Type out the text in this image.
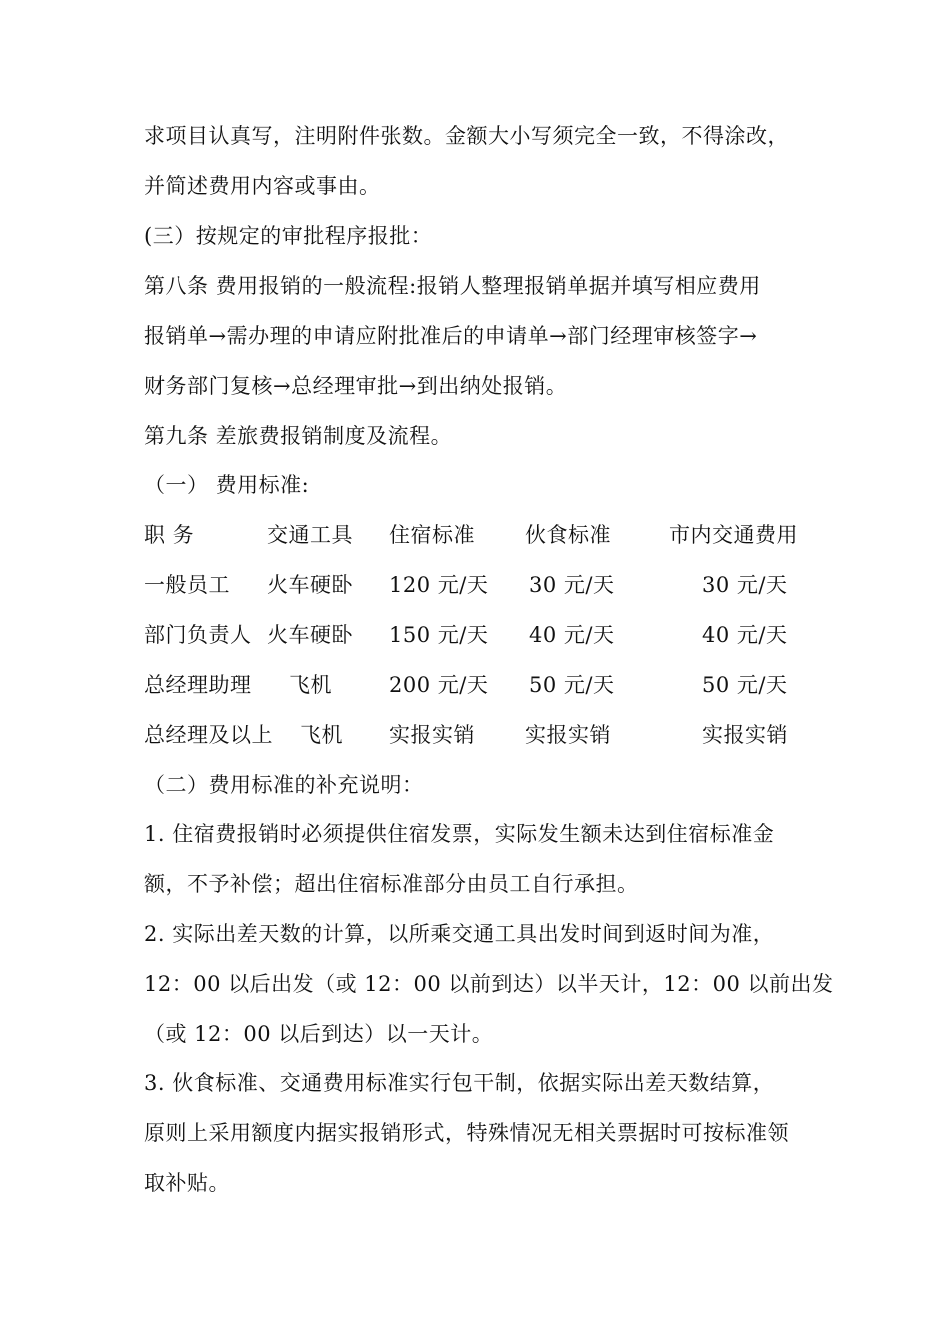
求项目认真写，注明附件张数。金额大小写须完全一致，不得涂改，
并简述费用内容或事由。
(三）按规定的审批程序报批：
第八条 费用报销的一般流程:报销人整理报销单据并填写相应费用
报销单→需办理的申请应附批准后的申请单→部门经理审核签字→
财务部门复核→总经理审批→到出纳处报销。
第九条 差旅费报销制度及流程。
（一） 费用标准:
职 务	交通工具 住宿标准 伙食标准	市内交通费用
一般员工 火车硬卧 120 元/天 30 元/天	30 元/天
部门负责人 火车硬卧 150 元/天 40 元/天	40 元/天
总经理助理 飞机	200 元/天 50 元/天	50 元/天
总经理及以上 飞机 实报实销 实报实销	实报实销
（二）费用标准的补充说明：
1. 住宿费报销时必须提供住宿发票，实际发生额未达到住宿标准金
额，不予补偿；超出住宿标准部分由员工自行承担。
2. 实际出差天数的计算，以所乘交通工具出发时间到返时间为准，
12：00 以后出发（或 12：00 以前到达）以半天计，12：00 以前出发
（或 12：00 以后到达）以一天计。
3. 伙食标准、交通费用标准实行包干制，依据实际出差天数结算，
原则上采用额度内据实报销形式，特殊情况无相关票据时可按标准领
取补贴。
